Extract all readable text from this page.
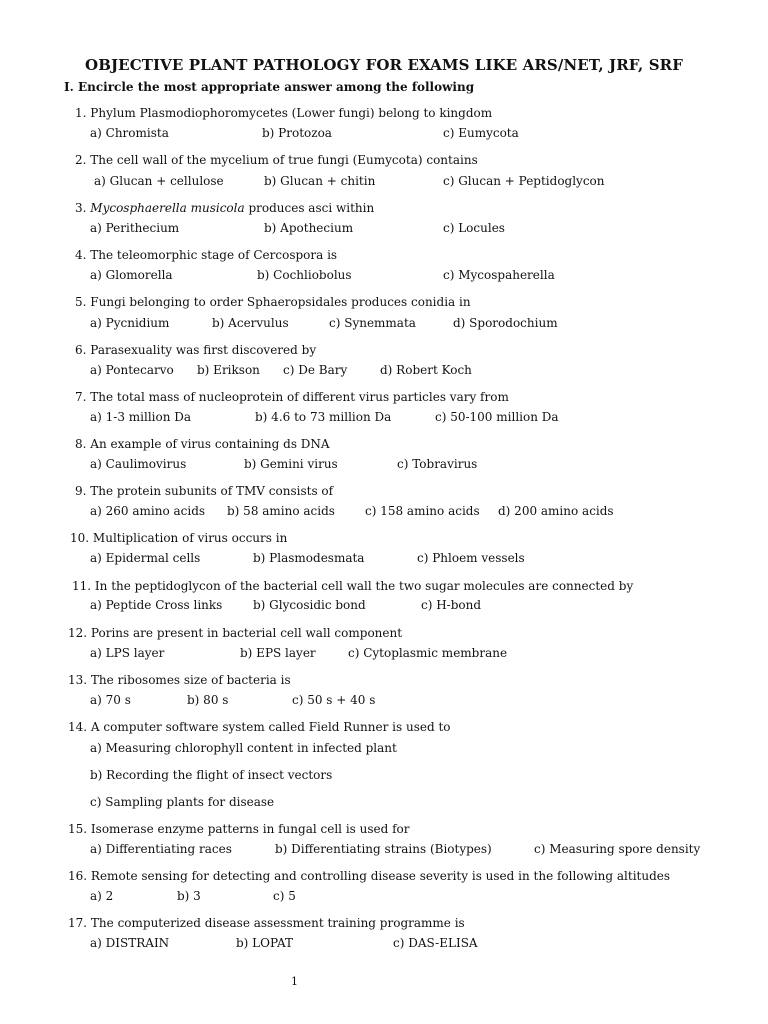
OBJECTIVE PLANT PATHOLOGY FOR EXAMS LIKE ARS/NET, JRF, SRF
I. Encircle the most appropriate answer among the following
1. Phylum Plasmodiophoromycetes (Lower fungi) belong to kingdom
a) Chromista	b) Protozoa	c) Eumycota
2. The cell wall of the mycelium of true fungi (Eumycota) contains
a) Glucan + cellulose	b) Glucan + chitin	c) Glucan + Peptidoglycon
3. Mycosphaerella musicola produces asci within
a) Perithecium	b) Apothecium	c) Locules
4. The teleomorphic stage of Cercospora is
a) Glomorella	b) Cochliobolus	c) Mycospaherella
5. Fungi belonging to order Sphaeropsidales produces conidia in
a) Pycnidium	b) Acervulus	c) Synemmata	d) Sporodochium
6. Parasexuality was first discovered by
a) Pontecarvo b) Erikson c) De Bary	d) Robert Koch
7. The total mass of nucleoprotein of different virus particles vary from
a) 1-3 million Da	b) 4.6 to 73 million Da	c) 50-100 million Da
8. An example of virus containing ds DNA
a) Caulimovirus	b) Gemini virus	c) Tobravirus
9. The protein subunits of TMV consists of
a) 260 amino acids b) 58 amino acids	c) 158 amino acids d) 200 amino acids
10. Multiplication of virus occurs in
a) Epidermal cells	b) Plasmodesmata	c) Phloem vessels
11. In the peptidoglycon of the bacterial cell wall the two sugar molecules are connected by
a) Peptide Cross links	b) Glycosidic bond	c) H-bond
12. Porins are present in bacterial cell wall component
a) LPS layer	b) EPS layer	c) Cytoplasmic membrane
13. The ribosomes size of bacteria is
a) 70 s	b) 80 s	c) 50 s + 40 s
14. A computer software system called Field Runner is used to
a) Measuring chlorophyll content in infected plant
b) Recording the flight of insect vectors
c) Sampling plants for disease
15. Isomerase enzyme patterns in fungal cell is used for
a) Differentiating races	b) Differentiating strains (Biotypes)	c) Measuring spore density
16. Remote sensing for detecting and controlling disease severity is used in the following altitudes
a) 2	b) 3	c) 5
17. The computerized disease assessment training programme is
a) DISTRAIN	b) LOPAT	c) DAS-ELISA
1
